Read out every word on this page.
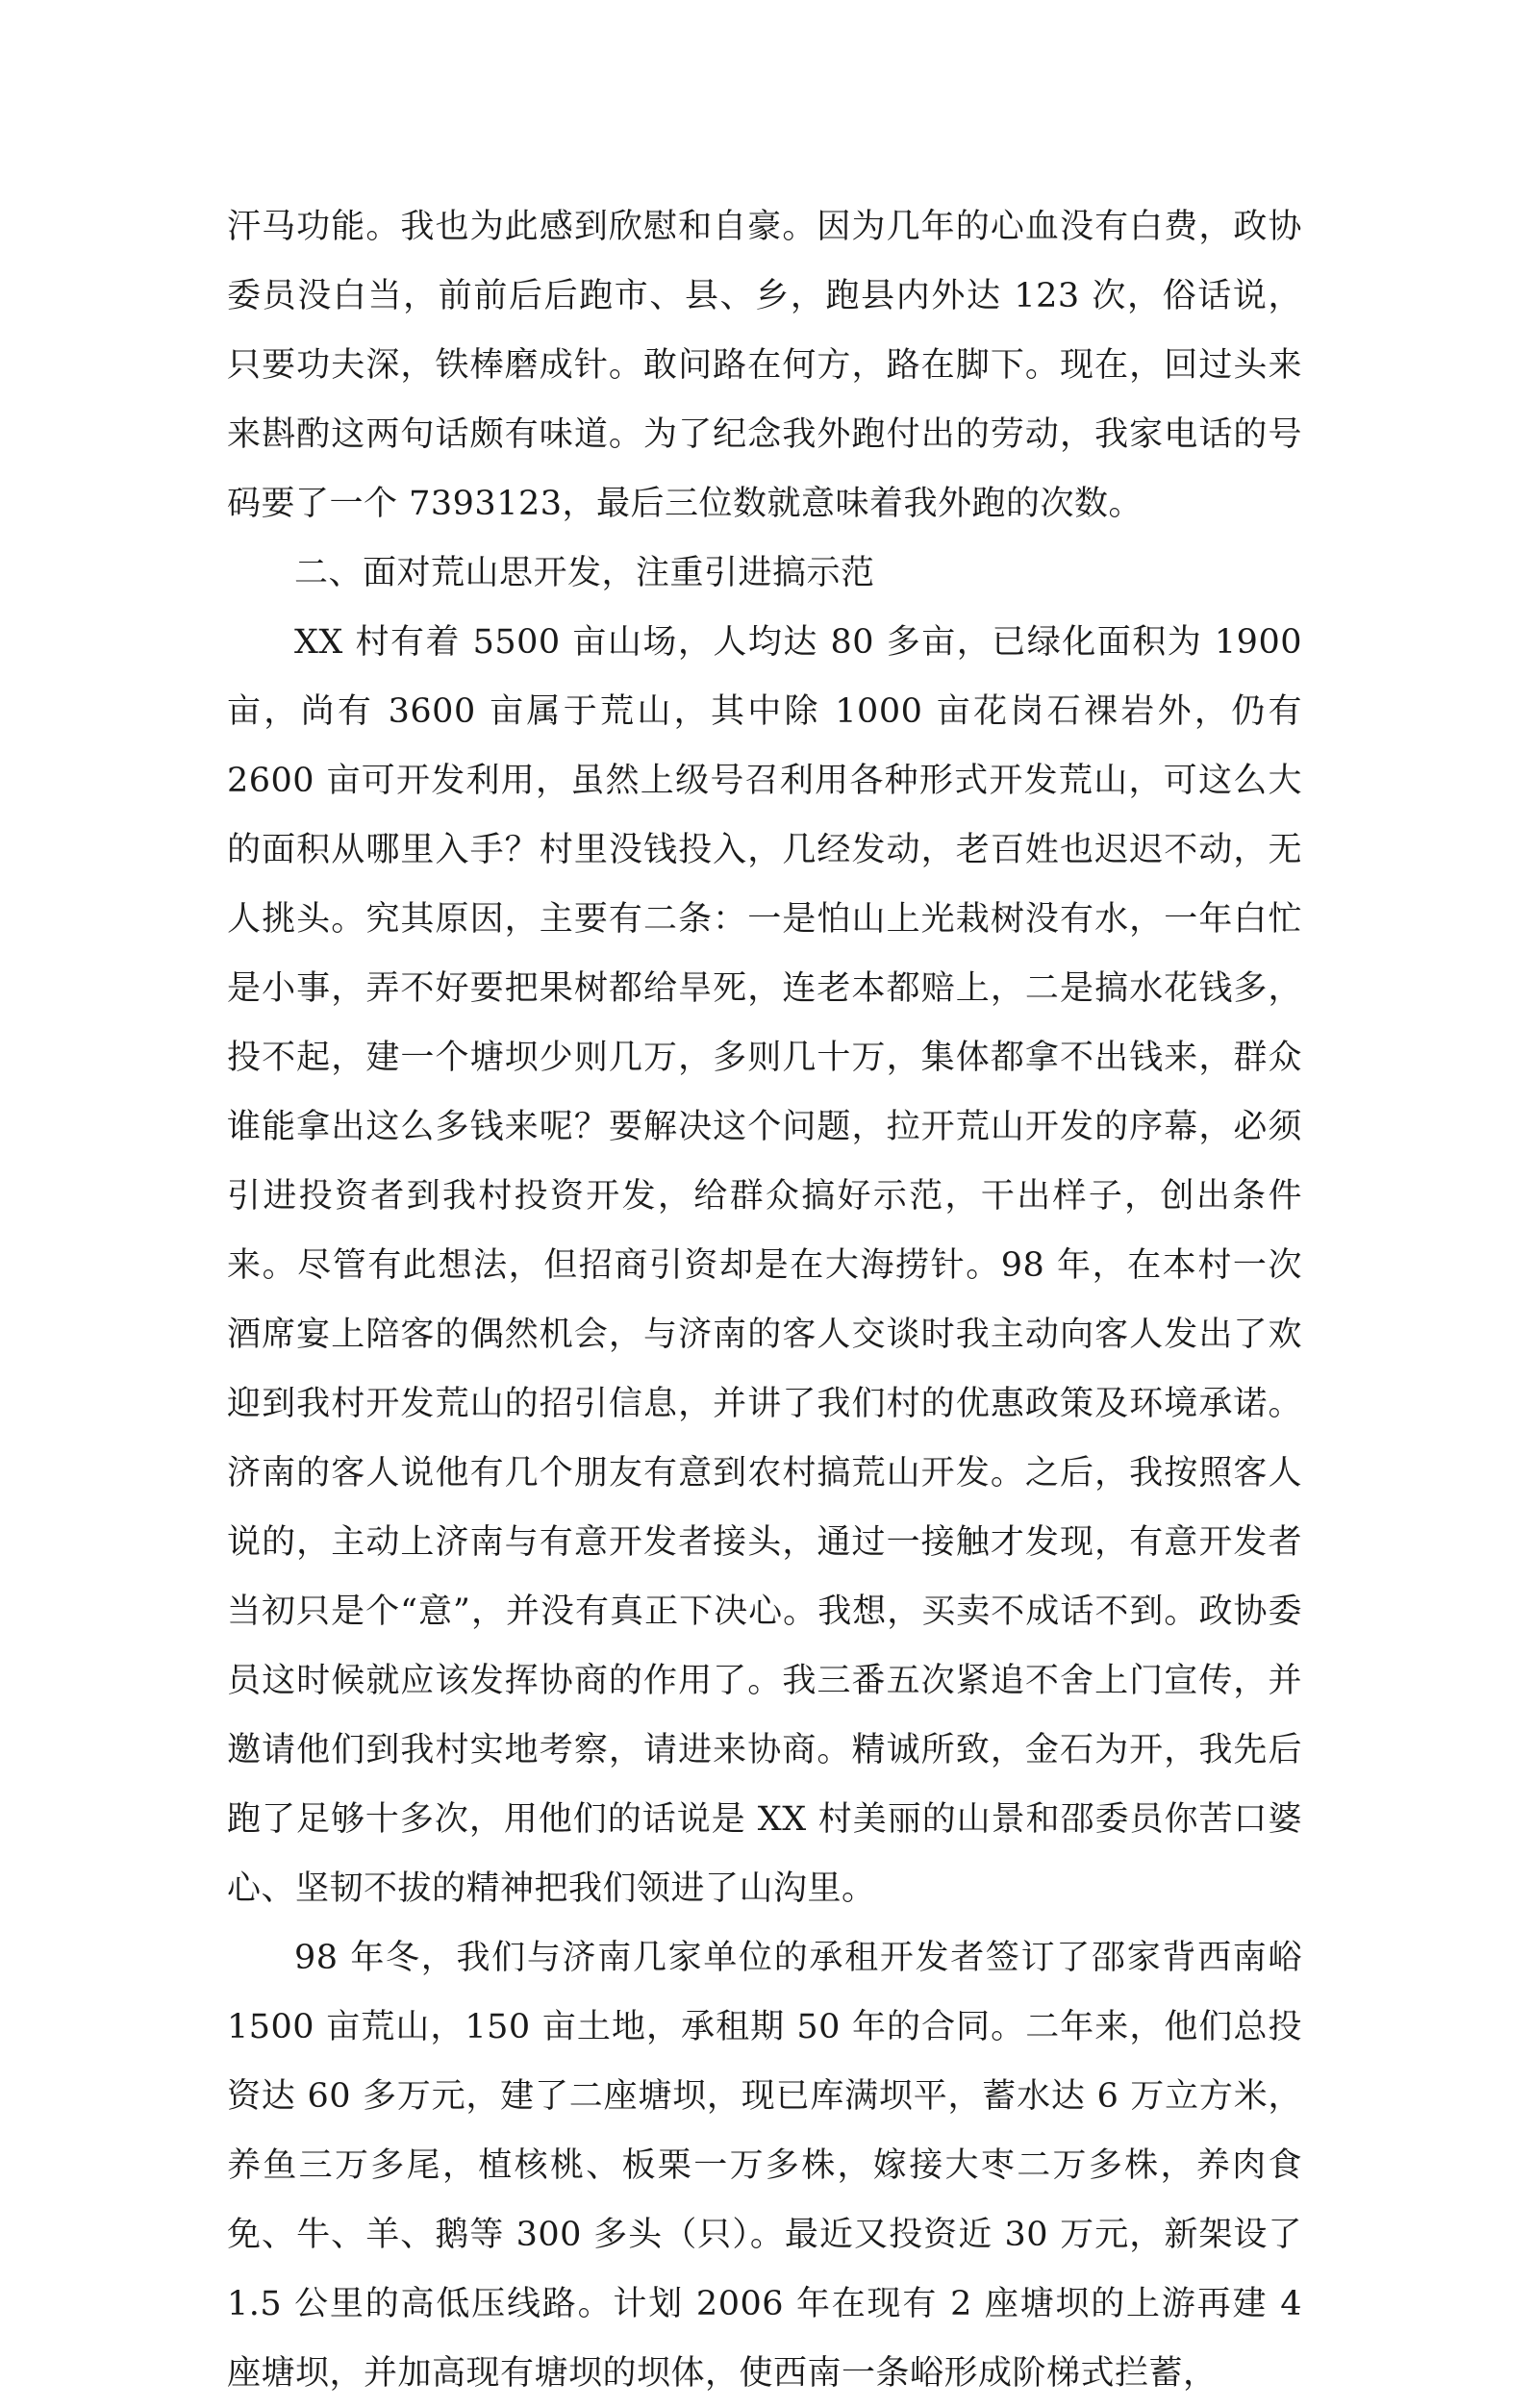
汗马功能。我也为此感到欣慰和自豪。因为几年的心血没有白费，政协委员没白当，前前后后跑市、县、乡，跑县内外达 123 次，俗话说，只要功夫深，铁棒磨成针。敢问路在何方，路在脚下。现在，回过头来来斟酌这两句话颇有味道。为了纪念我外跑付出的劳动，我家电话的号码要了一个 7393123，最后三位数就意味着我外跑的次数。

二、面对荒山思开发，注重引进搞示范

XX 村有着 5500 亩山场，人均达 80 多亩，已绿化面积为 1900 亩，尚有 3600 亩属于荒山，其中除 1000 亩花岗石裸岩外，仍有 2600 亩可开发利用，虽然上级号召利用各种形式开发荒山，可这么大的面积从哪里入手？村里没钱投入，几经发动，老百姓也迟迟不动，无人挑头。究其原因，主要有二条：一是怕山上光栽树没有水，一年白忙是小事，弄不好要把果树都给旱死，连老本都赔上，二是搞水花钱多，投不起，建一个塘坝少则几万，多则几十万，集体都拿不出钱来，群众谁能拿出这么多钱来呢？要解决这个问题，拉开荒山开发的序幕，必须引进投资者到我村投资开发，给群众搞好示范，干出样子，创出条件来。尽管有此想法，但招商引资却是在大海捞针。98 年，在本村一次酒席宴上陪客的偶然机会，与济南的客人交谈时我主动向客人发出了欢迎到我村开发荒山的招引信息，并讲了我们村的优惠政策及环境承诺。济南的客人说他有几个朋友有意到农村搞荒山开发。之后，我按照客人说的，主动上济南与有意开发者接头，通过一接触才发现，有意开发者当初只是个“意”，并没有真正下决心。我想，买卖不成话不到。政协委员这时候就应该发挥协商的作用了。我三番五次紧追不舍上门宣传，并邀请他们到我村实地考察，请进来协商。精诚所致，金石为开，我先后跑了足够十多次，用他们的话说是 XX 村美丽的山景和邵委员你苦口婆心、坚韧不拔的精神把我们领进了山沟里。

98 年冬，我们与济南几家单位的承租开发者签订了邵家背西南峪 1500 亩荒山，150 亩土地，承租期 50 年的合同。二年来，他们总投资达 60 多万元，建了二座塘坝，现已库满坝平，蓄水达 6 万立方米，养鱼三万多尾，植核桃、板栗一万多株，嫁接大枣二万多株，养肉食免、牛、羊、鹅等 300 多头（只）。最近又投资近 30 万元，新架设了 1.5 公里的高低压线路。计划 2006 年在现有 2 座塘坝的上游再建 4 座塘坝，并加高现有塘坝的坝体，使西南一条峪形成阶梯式拦蓄，
